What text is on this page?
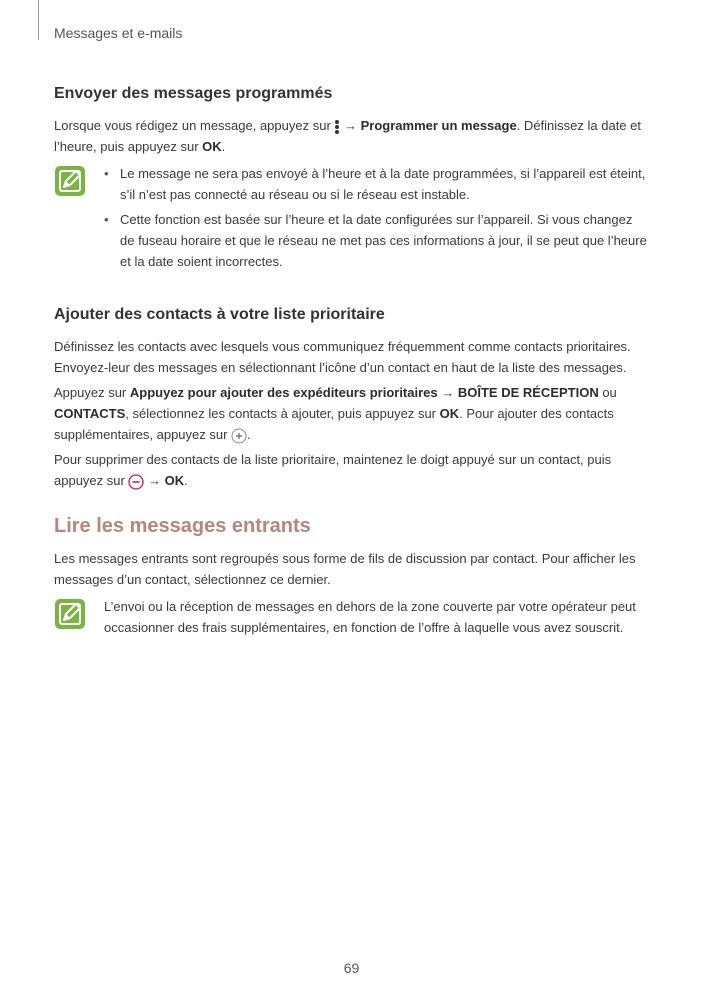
Messages et e-mails
Envoyer des messages programmés

Lorsque vous rédigez un message, appuyez sur  → Programmer un message. Définissez la date et l’heure, puis appuyez sur OK.

• Le message ne sera pas envoyé à l’heure et à la date programmées, si l’appareil est éteint, s’il n’est pas connecté au réseau ou si le réseau est instable.
• Cette fonction est basée sur l’heure et la date configurées sur l’appareil. Si vous changez de fuseau horaire et que le réseau ne met pas ces informations à jour, il se peut que l’heure et la date soient incorrectes.
Ajouter des contacts à votre liste prioritaire

Définissez les contacts avec lesquels vous communiquez fréquemment comme contacts prioritaires. Envoyez-leur des messages en sélectionnant l’icône d’un contact en haut de la liste des messages.

Appuyez sur Appuyez pour ajouter des expéditeurs prioritaires → BOÎTE DE RÉCEPTION ou CONTACTS, sélectionnez les contacts à ajouter, puis appuyez sur OK. Pour ajouter des contacts supplémentaires, appuyez sur .

Pour supprimer des contacts de la liste prioritaire, maintenez le doigt appuyé sur un contact, puis appuyez sur  → OK.

Lire les messages entrants

Les messages entrants sont regroupés sous forme de fils de discussion par contact. Pour afficher les messages d’un contact, sélectionnez ce dernier.

L’envoi ou la réception de messages en dehors de la zone couverte par votre opérateur peut occasionner des frais supplémentaires, en fonction de l’offre à laquelle vous avez souscrit.
69
